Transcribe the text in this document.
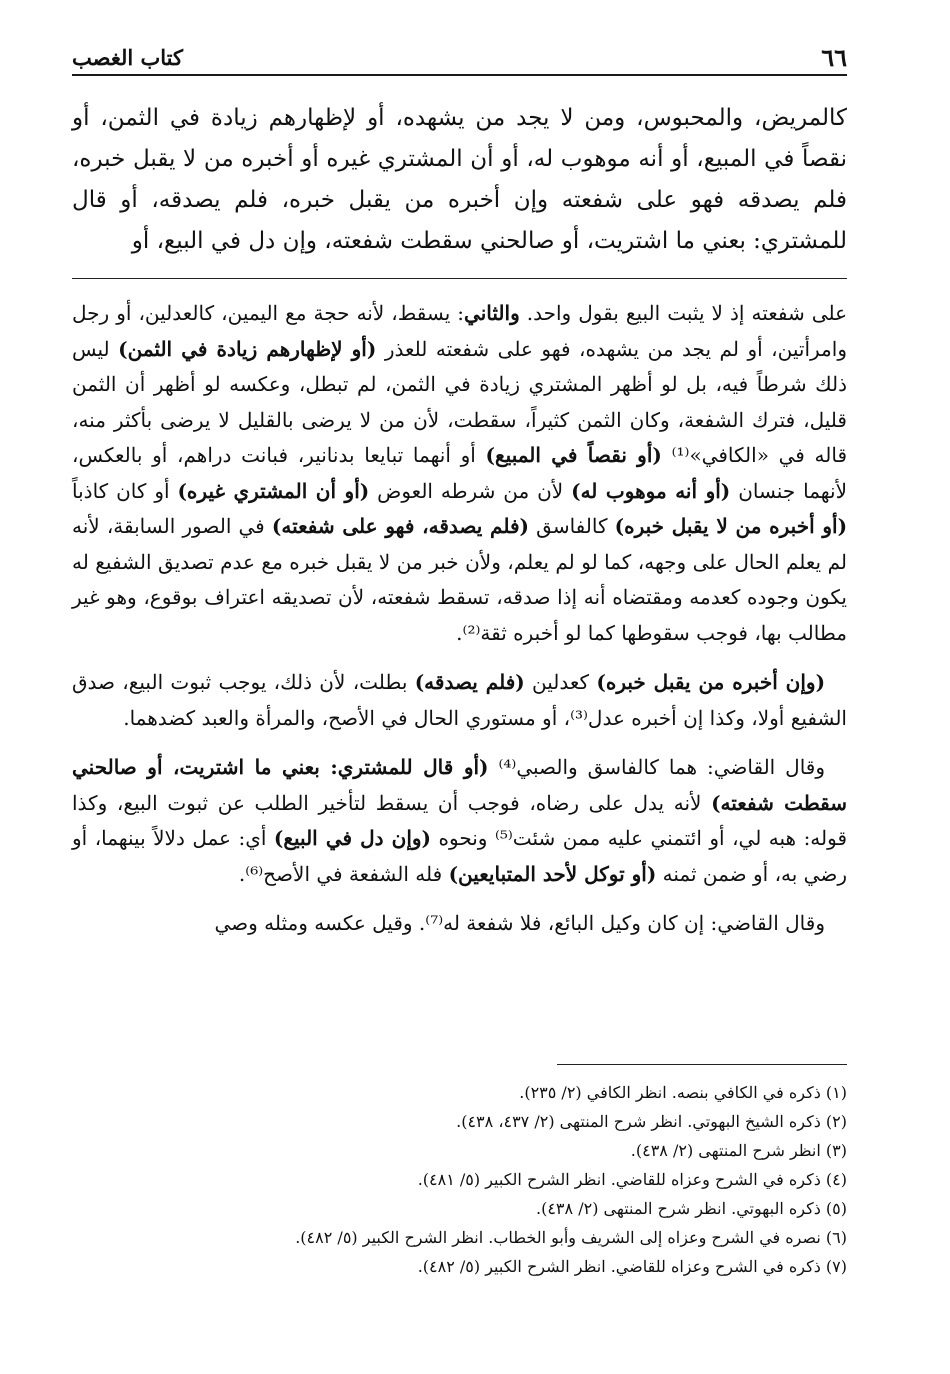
٦٦
كتاب الغصب

كالمريض، والمحبوس، ومن لا يجد من يشهده، أو لإظهارهم زيادة في الثمن، أو نقصاً في المبيع، أو أنه موهوب له، أو أن المشتري غيره أو أخبره من لا يقبل خبره، فلم يصدقه فهو على شفعته وإن أخبره من يقبل خبره، فلم يصدقه، أو قال للمشتري: بعني ما اشتريت، أو صالحني سقطت شفعته، وإن دل في البيع، أو

على شفعته إذ لا يثبت البيع بقول واحد. والثاني: يسقط، لأنه حجة مع اليمين، كالعدلين، أو رجل وامرأتين، أو لم يجد من يشهده، فهو على شفعته للعذر (أو لإظهارهم زيادة في الثمن) ليس ذلك شرطاً فيه، بل لو أظهر المشتري زيادة في الثمن، لم تبطل، وعكسه لو أظهر أن الثمن قليل، فترك الشفعة، وكان الثمن كثيراً، سقطت، لأن من لا يرضى بالقليل لا يرضى بأكثر منه، قاله في «الكافي»⁽¹⁾ (أو نقصاً في المبيع) أو أنهما تبايعا بدنانير، فبانت دراهم، أو بالعكس، لأنهما جنسان (أو أنه موهوب له) لأن من شرطه العوض (أو أن المشتري غيره) أو كان كاذباً (أو أخبره من لا يقبل خبره) كالفاسق (فلم يصدقه، فهو على شفعته) في الصور السابقة، لأنه لم يعلم الحال على وجهه، كما لو لم يعلم، ولأن خبر من لا يقبل خبره مع عدم تصديق الشفيع له يكون وجوده كعدمه ومقتضاه أنه إذا صدقه، تسقط شفعته، لأن تصديقه اعتراف بوقوع، وهو غير مطالب بها، فوجب سقوطها كما لو أخبره ثقة⁽²⁾.

(وإن أخبره من يقبل خبره) كعدلين (فلم يصدقه) بطلت، لأن ذلك، يوجب ثبوت البيع، صدق الشفيع أولا، وكذا إن أخبره عدل⁽³⁾، أو مستوري الحال في الأصح، والمرأة والعبد كضدهما.

وقال القاضي: هما كالفاسق والصبي⁽⁴⁾ (أو قال للمشتري: بعني ما اشتريت، أو صالحني سقطت شفعته) لأنه يدل على رضاه، فوجب أن يسقط لتأخير الطلب عن ثبوت البيع، وكذا قوله: هبه لي، أو ائتمني عليه ممن شئت⁽⁵⁾ ونحوه (وإن دل في البيع) أي: عمل دلالاً بينهما، أو رضي به، أو ضمن ثمنه (أو توكل لأحد المتبايعين) فله الشفعة في الأصح⁽⁶⁾.

وقال القاضي: إن كان وكيل البائع، فلا شفعة له⁽⁷⁾. وقيل عكسه ومثله وصي

(١) ذكره في الكافي بنصه. انظر الكافي (٢/ ٢٣٥).
(٢) ذكره الشيخ البهوتي. انظر شرح المنتهى (٢/ ٤٣٧، ٤٣٨).
(٣) انظر شرح المنتهى (٢/ ٤٣٨).
(٤) ذكره في الشرح وعزاه للقاضي. انظر الشرح الكبير (٥/ ٤٨١).
(٥) ذكره البهوتي. انظر شرح المنتهى (٢/ ٤٣٨).
(٦) نصره في الشرح وعزاه إلى الشريف وأبو الخطاب. انظر الشرح الكبير (٥/ ٤٨٢).
(٧) ذكره في الشرح وعزاه للقاضي. انظر الشرح الكبير (٥/ ٤٨٢).
